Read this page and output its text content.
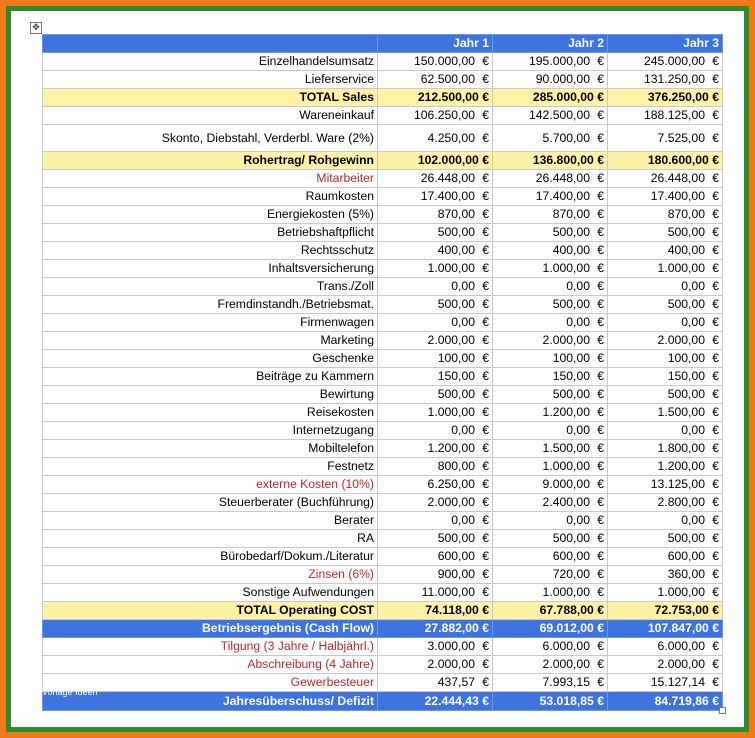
✥
	Jahr 1	Jahr 2	Jahr 3
Einzelhandelsumsatz	150.000,00 €	195.000,00 €	245.000,00 €
Lieferservice	62.500,00 €	90.000,00 €	131.250,00 €
TOTAL Sales	212.500,00 €	285.000,00 €	376.250,00 €
Wareneinkauf	106.250,00 €	142.500,00 €	188.125,00 €
Skonto, Diebstahl, Verderbl. Ware (2%)	4.250,00 €	5.700,00 €	7.525,00 €
Rohertrag/ Rohgewinn	102.000,00 €	136.800,00 €	180.600,00 €
Mitarbeiter	26.448,00 €	26.448,00 €	26.448,00 €
Raumkosten	17.400,00 €	17.400,00 €	17.400,00 €
Energiekosten (5%)	870,00 €	870,00 €	870,00 €
Betriebshaftpflicht	500,00 €	500,00 €	500,00 €
Rechtsschutz	400,00 €	400,00 €	400,00 €
Inhaltsversicherung	1.000,00 €	1.000,00 €	1.000,00 €
Trans./Zoll	0,00 €	0,00 €	0,00 €
Fremdinstandh./Betriebsmat.	500,00 €	500,00 €	500,00 €
Firmenwagen	0,00 €	0,00 €	0,00 €
Marketing	2.000,00 €	2.000,00 €	2.000,00 €
Geschenke	100,00 €	100,00 €	100,00 €
Beiträge zu Kammern	150,00 €	150,00 €	150,00 €
Bewirtung	500,00 €	500,00 €	500,00 €
Reisekosten	1.000,00 €	1.200,00 €	1.500,00 €
Internetzugang	0,00 €	0,00 €	0,00 €
Mobiltelefon	1.200,00 €	1.500,00 €	1.800,00 €
Festnetz	800,00 €	1.000,00 €	1.200,00 €
externe Kosten (10%)	6.250,00 €	9.000,00 €	13.125,00 €
Steuerberater (Buchführung)	2.000,00 €	2.400,00 €	2.800,00 €
Berater	0,00 €	0,00 €	0,00 €
RA	500,00 €	500,00 €	500,00 €
Bürobedarf/Dokum./Literatur	600,00 €	600,00 €	600,00 €
Zinsen (6%)	900,00 €	720,00 €	360,00 €
Sonstige Aufwendungen	11.000,00 €	1.000,00 €	1.000,00 €
TOTAL Operating COST	74.118,00 €	67.788,00 €	72.753,00 €
Betriebsergebnis (Cash Flow)	27.882,00 €	69.012,00 €	107.847,00 €
Tilgung (3 Jahre / Halbjährl.)	3.000,00 €	6.000,00 €	6.000,00 €
Abschreibung (4 Jahre)	2.000,00 €	2.000,00 €	2.000,00 €
Gewerbesteuer	437,57 €	7.993,15 €	15.127,14 €
Jahresüberschuss/ Defizit	22.444,43 €	53.018,85 €	84.719,86 €
Vorlage Ideen
